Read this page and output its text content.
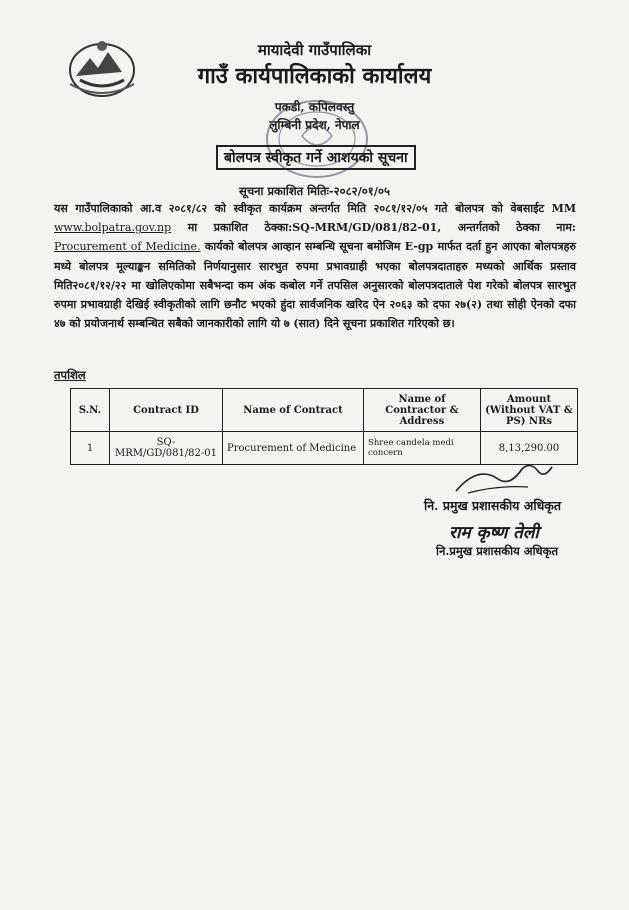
मायादेवी गाउँपालिका
गाउँ कार्यपालिकाको कार्यालय
पकडी, कपिलवस्तु
लुम्बिनी प्रदेश, नेपाल
बोलपत्र स्वीकृत गर्ने आशयको सूचना
सूचना प्रकाशित मितिः-२०८२/०१/०५
यस गाउँपालिकाको आ.व २०८१/८२ को स्वीकृत कार्यक्रम अन्तर्गत मिति २०८१/१२/०५ गते बोलपत्र को वेबसाईट MM www.bolpatra.gov.np मा प्रकाशित ठेक्का:SQ-MRM/GD/081/82-01, अन्तर्गतको ठेक्का नाम: Procurement of Medicine. कार्यको बोलपत्र आव्हान सम्बन्धि सूचना बमोजिम E-gp मार्फत दर्ता हुन आएका बोलपत्रहरु मध्ये बोलपत्र मूल्याङ्कन समितिको निर्णयानुसार सारभुत रुपमा प्रभावग्राही भएका बोलपत्रदाताहरु मध्यको आर्थिक प्रस्ताव मिति२०८१/१२/२२ मा खोलिएकोमा सबैभन्दा कम अंक कबोल गर्ने तपसिल अनुसारको बोलपत्रदाताले पेश गरेको बोलपत्र सारभुत रुपमा प्रभावग्राही देखिई स्वीकृतीको लागि छनौट भएको हुंदा सार्वजनिक खरिद ऐन २०६३ को दफा २७(२) तथा सोही ऐनको दफा ४७ को प्रयोजनार्थ सम्बन्धित सबैको जानकारीको लागि यो ७ (सात) दिने सूचना प्रकाशित गरिएको छ।
तपशिल
S.N.	Contract ID	Name of Contract	Name of Contractor & Address	Amount (Without VAT & PS) NRs
1	SQ-MRM/GD/081/82-01	Procurement of Medicine	Shree candela medi concern	8,13,290.00
नि. प्रमुख प्रशासकीय अधिकृत
राम कृष्ण तेली
नि.प्रमुख प्रशासकीय अधिकृत
